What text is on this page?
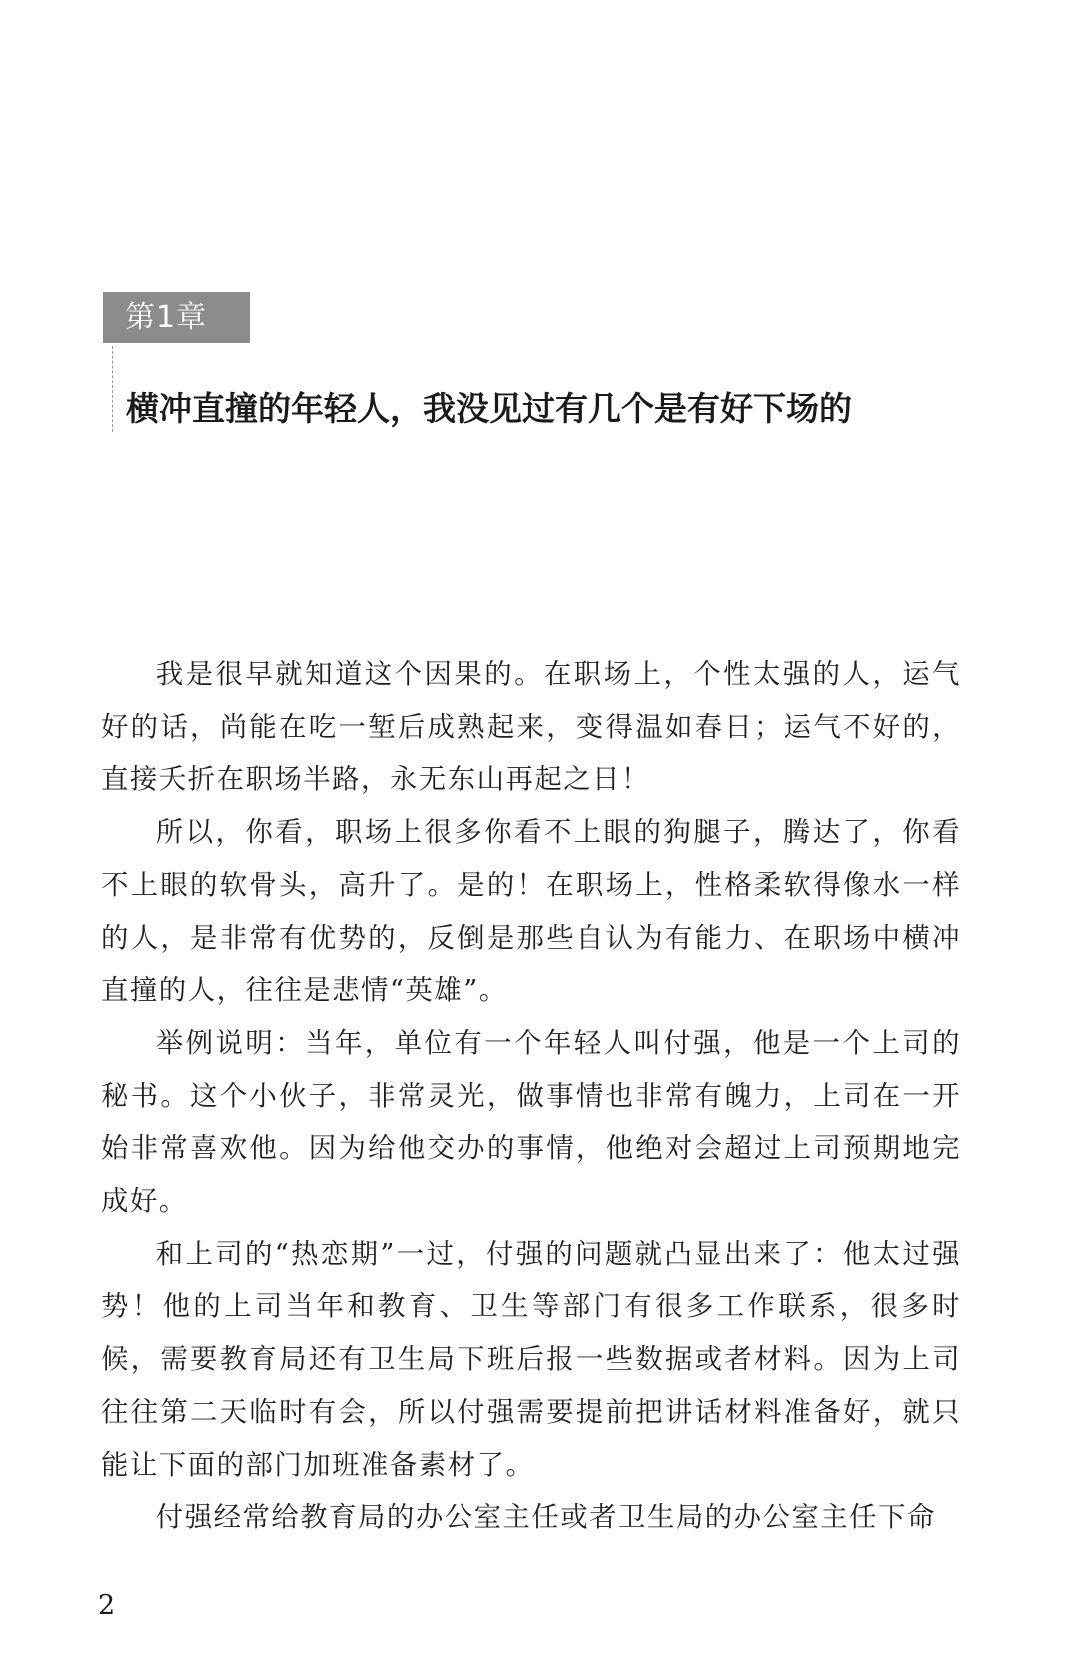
第1章
横冲直撞的年轻人，我没见过有几个是有好下场的

我是很早就知道这个因果的。在职场上，个性太强的人，运气好的话，尚能在吃一堑后成熟起来，变得温如春日；运气不好的，直接夭折在职场半路，永无东山再起之日！

所以，你看，职场上很多你看不上眼的狗腿子，腾达了，你看不上眼的软骨头，高升了。是的！在职场上，性格柔软得像水一样的人，是非常有优势的，反倒是那些自认为有能力、在职场中横冲直撞的人，往往是悲情“英雄”。

举例说明：当年，单位有一个年轻人叫付强，他是一个上司的秘书。这个小伙子，非常灵光，做事情也非常有魄力，上司在一开始非常喜欢他。因为给他交办的事情，他绝对会超过上司预期地完成好。

和上司的“热恋期”一过，付强的问题就凸显出来了：他太过强势！他的上司当年和教育、卫生等部门有很多工作联系，很多时候，需要教育局还有卫生局下班后报一些数据或者材料。因为上司往往第二天临时有会，所以付强需要提前把讲话材料准备好，就只能让下面的部门加班准备素材了。

付强经常给教育局的办公室主任或者卫生局的办公室主任下命

2
